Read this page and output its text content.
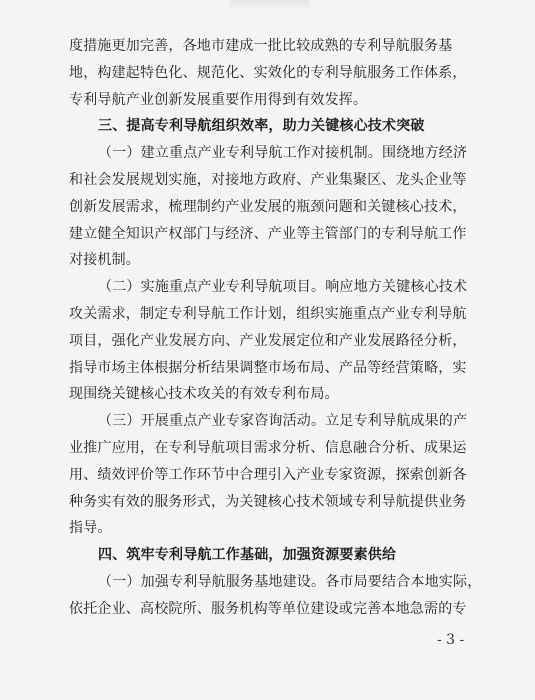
度措施更加完善，各地市建成一批比较成熟的专利导航服务基
地，构建起特色化、规范化、实效化的专利导航服务工作体系，
专利导航产业创新发展重要作用得到有效发挥。
三、提高专利导航组织效率，助力关键核心技术突破
（一）建立重点产业专利导航工作对接机制。围绕地方经济
和社会发展规划实施，对接地方政府、产业集聚区、龙头企业等
创新发展需求，梳理制约产业发展的瓶颈问题和关键核心技术，
建立健全知识产权部门与经济、产业等主管部门的专利导航工作
对接机制。
（二）实施重点产业专利导航项目。响应地方关键核心技术
攻关需求，制定专利导航工作计划，组织实施重点产业专利导航
项目，强化产业发展方向、产业发展定位和产业发展路径分析，
指导市场主体根据分析结果调整市场布局、产品等经营策略，实
现围绕关键核心技术攻关的有效专利布局。
（三）开展重点产业专家咨询活动。立足专利导航成果的产
业推广应用，在专利导航项目需求分析、信息融合分析、成果运
用、绩效评价等工作环节中合理引入产业专家资源，探索创新各
种务实有效的服务形式，为关键核心技术领域专利导航提供业务
指导。
四、筑牢专利导航工作基础，加强资源要素供给
（一）加强专利导航服务基地建设。各市局要结合本地实际，
依托企业、高校院所、服务机构等单位建设或完善本地急需的专
- 3 -
